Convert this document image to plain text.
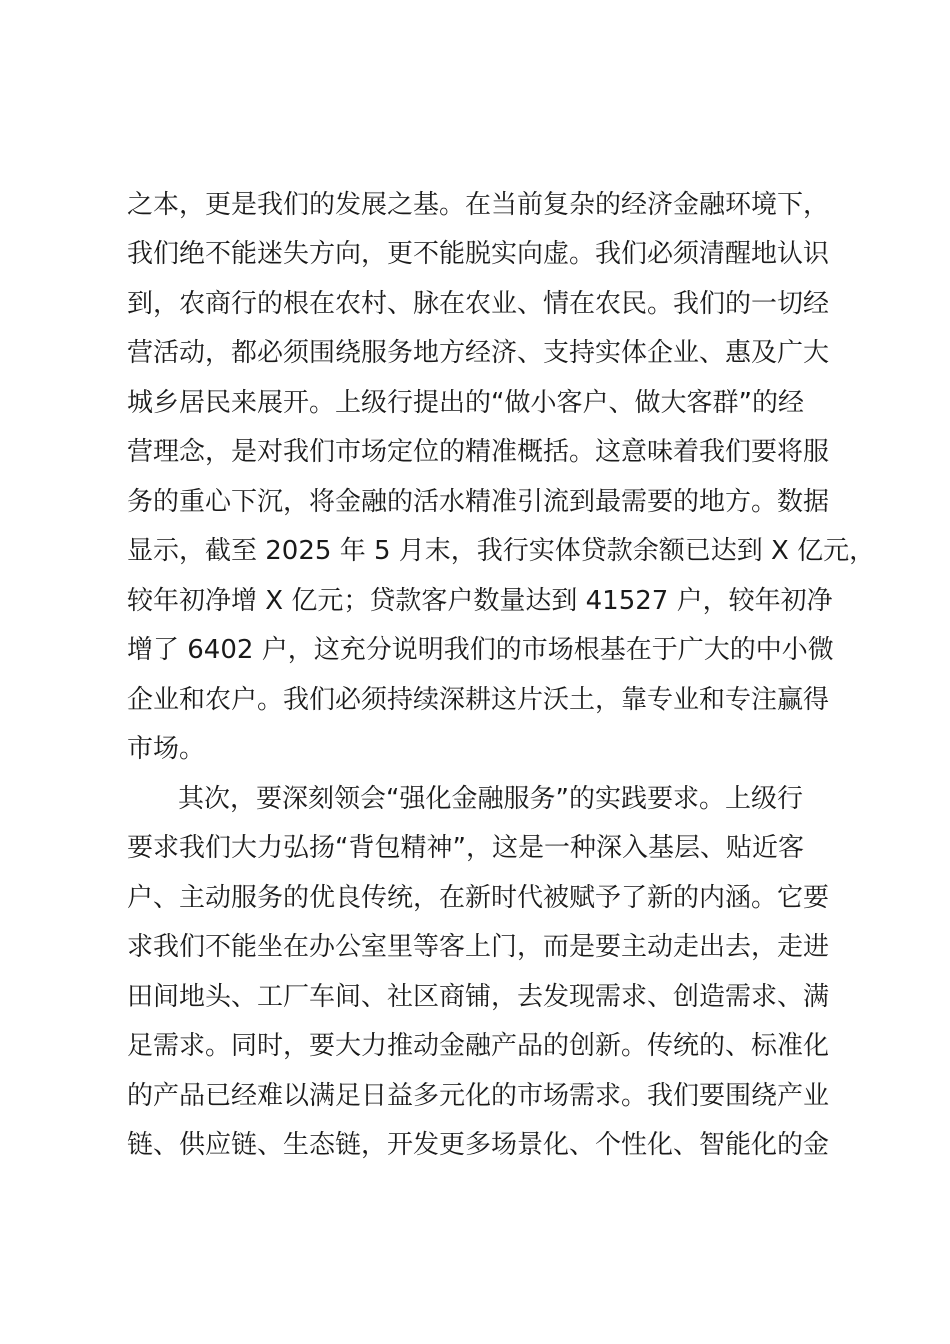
之本，更是我们的发展之基。在当前复杂的经济金融环境下，
我们绝不能迷失方向，更不能脱实向虚。我们必须清醒地认识
到，农商行的根在农村、脉在农业、情在农民。我们的一切经
营活动，都必须围绕服务地方经济、支持实体企业、惠及广大
城乡居民来展开。上级行提出的“做小客户、做大客群”的经
营理念，是对我们市场定位的精准概括。这意味着我们要将服
务的重心下沉，将金融的活水精准引流到最需要的地方。数据
显示，截至 2025 年 5 月末，我行实体贷款余额已达到 X 亿元，
较年初净增 X 亿元；贷款客户数量达到 41527 户，较年初净
增了 6402 户，这充分说明我们的市场根基在于广大的中小微
企业和农户。我们必须持续深耕这片沃土，靠专业和专注赢得
市场。
其次，要深刻领会“强化金融服务”的实践要求。上级行
要求我们大力弘扬“背包精神”，这是一种深入基层、贴近客
户、主动服务的优良传统，在新时代被赋予了新的内涵。它要
求我们不能坐在办公室里等客上门，而是要主动走出去，走进
田间地头、工厂车间、社区商铺，去发现需求、创造需求、满
足需求。同时，要大力推动金融产品的创新。传统的、标准化
的产品已经难以满足日益多元化的市场需求。我们要围绕产业
链、供应链、生态链，开发更多场景化、个性化、智能化的金
